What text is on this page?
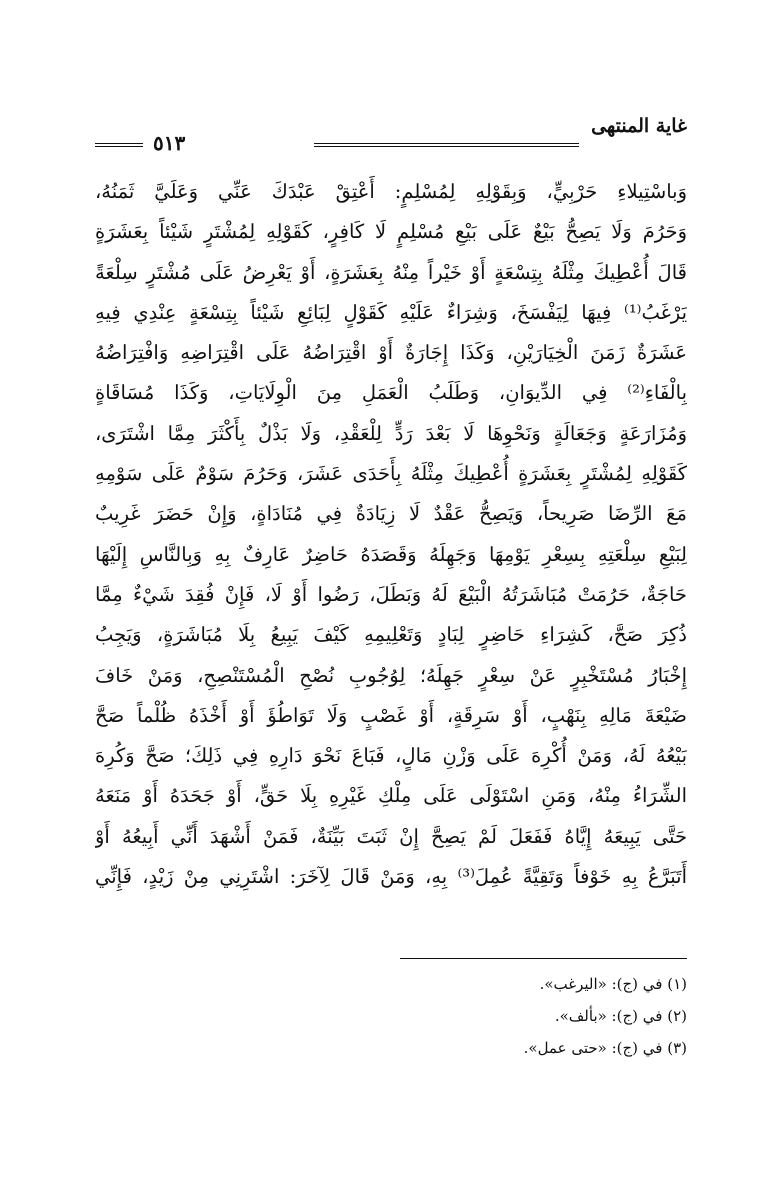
غاية المنتهى
٥١٣
وَباسْتِيلاءِ حَرْبِيٍّ، وَبِقَوْلِهِ لِمُسْلِمٍ: أَعْتِقْ عَبْدَكَ عَنِّي وَعَلَيَّ ثَمَنُهُ،
وَحَرُمَ وَلَا يَصِحُّ بَيْعٌ عَلَى بَيْعِ مُسْلِمٍ لَا كَافِرٍ، كَقَوْلِهِ لِمُشْتَرٍ شَيْئاً بِعَشَرَةٍ
قَالَ أُعْطِيكَ مِثْلَهُ بِتِسْعَةٍ أَوْ خَيْراً مِنْهُ بِعَشَرَةٍ، أَوْ يَعْرِضُ عَلَى مُشْتَرٍ سِلْعَةً
يَرْغَبُ⁽¹⁾ فِيهَا لِيَفْسَخَ، وَشِرَاءٌ عَلَيْهِ كَقَوْلٍ لِبَائِعِ شَيْئاً بِتِسْعَةٍ عِنْدِي فِيهِ
عَشَرَةٌ زَمَنَ الْخِيَارَيْنِ، وَكَذَا إِجَارَةٌ أَوْ اقْتِرَاضُهُ عَلَى اقْتِرَاضِهِ وَافْتِرَاضُهُ
بِالْفَاءِ⁽²⁾ فِي الدِّيوَانِ، وَطَلَبُ الْعَمَلِ مِنَ الْوِلَايَاتِ، وَكَذَا مُسَاقَاةٍ
وَمُزَارَعَةٍ وَجَعَالَةٍ وَنَحْوِهَا لَا بَعْدَ رَدٍّ لِلْعَقْدِ، وَلَا بَذْلٌ بِأَكْثَرَ مِمَّا اشْتَرَى،
كَقَوْلِهِ لِمُشْتَرٍ بِعَشَرَةٍ أُعْطِيكَ مِثْلَهُ بِأَحَدَى عَشَرَ، وَحَرُمَ سَوْمٌ عَلَى سَوْمِهِ
مَعَ الرِّضَا صَرِيحاً، وَيَصِحُّ عَقْدٌ لَا زِيَادَةٌ فِي مُنَادَاةٍ، وَإِنْ حَضَرَ غَرِيبٌ
لِبَيْعِ سِلْعَتِهِ بِسِعْرِ يَوْمِهَا وَجَهِلَهُ وَقَصَدَهُ حَاضِرٌ عَارِفٌ بِهِ وَبِالنَّاسِ إِلَيْهَا
حَاجَةٌ، حَرُمَتْ مُبَاشَرَتُهُ الْبَيْعَ لَهُ وَبَطَلَ، رَضُوا أَوْ لَا، فَإِنْ فُقِدَ شَيْءٌ مِمَّا
ذُكِرَ صَحَّ، كَشِرَاءِ حَاضِرٍ لِبَادٍ وَتَعْلِيمِهِ كَيْفَ يَبِيعُ بِلَا مُبَاشَرَةٍ، وَيَجِبُ
إِخْبَارُ مُسْتَخْبِرٍ عَنْ سِعْرٍ جَهِلَهُ؛ لِوُجُوبِ نُصْحِ الْمُسْتَنْصِحِ، وَمَنْ خَافَ
ضَيْعَةَ مَالِهِ بِنَهْبٍ، أَوْ سَرِقَةٍ، أَوْ غَصْبٍ وَلَا تَوَاطُؤَ أَوْ أَخْذَهُ ظُلْماً صَحَّ
بَيْعُهُ لَهُ، وَمَنْ أُكْرِهَ عَلَى وَزْنِ مَالٍ، فَبَاعَ نَحْوَ دَارِهِ فِي ذَلِكَ؛ صَحَّ وَكُرِهَ
الشِّرَاءُ مِنْهُ، وَمَنِ اسْتَوْلَى عَلَى مِلْكِ غَيْرِهِ بِلَا حَقٍّ، أَوْ جَحَدَهُ أَوْ مَنَعَهُ
حَتَّى يَبِيعَهُ إِيَّاهُ فَفَعَلَ لَمْ يَصِحَّ إِنْ ثَبَتَ بَيِّنَةٌ، فَمَنْ أَشْهَدَ أَنِّي أَبِيعُهُ أَوْ
أَتَبَرَّعُ بِهِ خَوْفاً وَتَقِيَّةً عُمِلَ⁽³⁾ بِهِ، وَمَنْ قَالَ لِآخَرَ: اشْتَرِنِي مِنْ زَيْدٍ، فَإِنِّي
(١) في (ج): «اليرغب».
(٢) في (ج): «بألف».
(٣) في (ج): «حتى عمل».
